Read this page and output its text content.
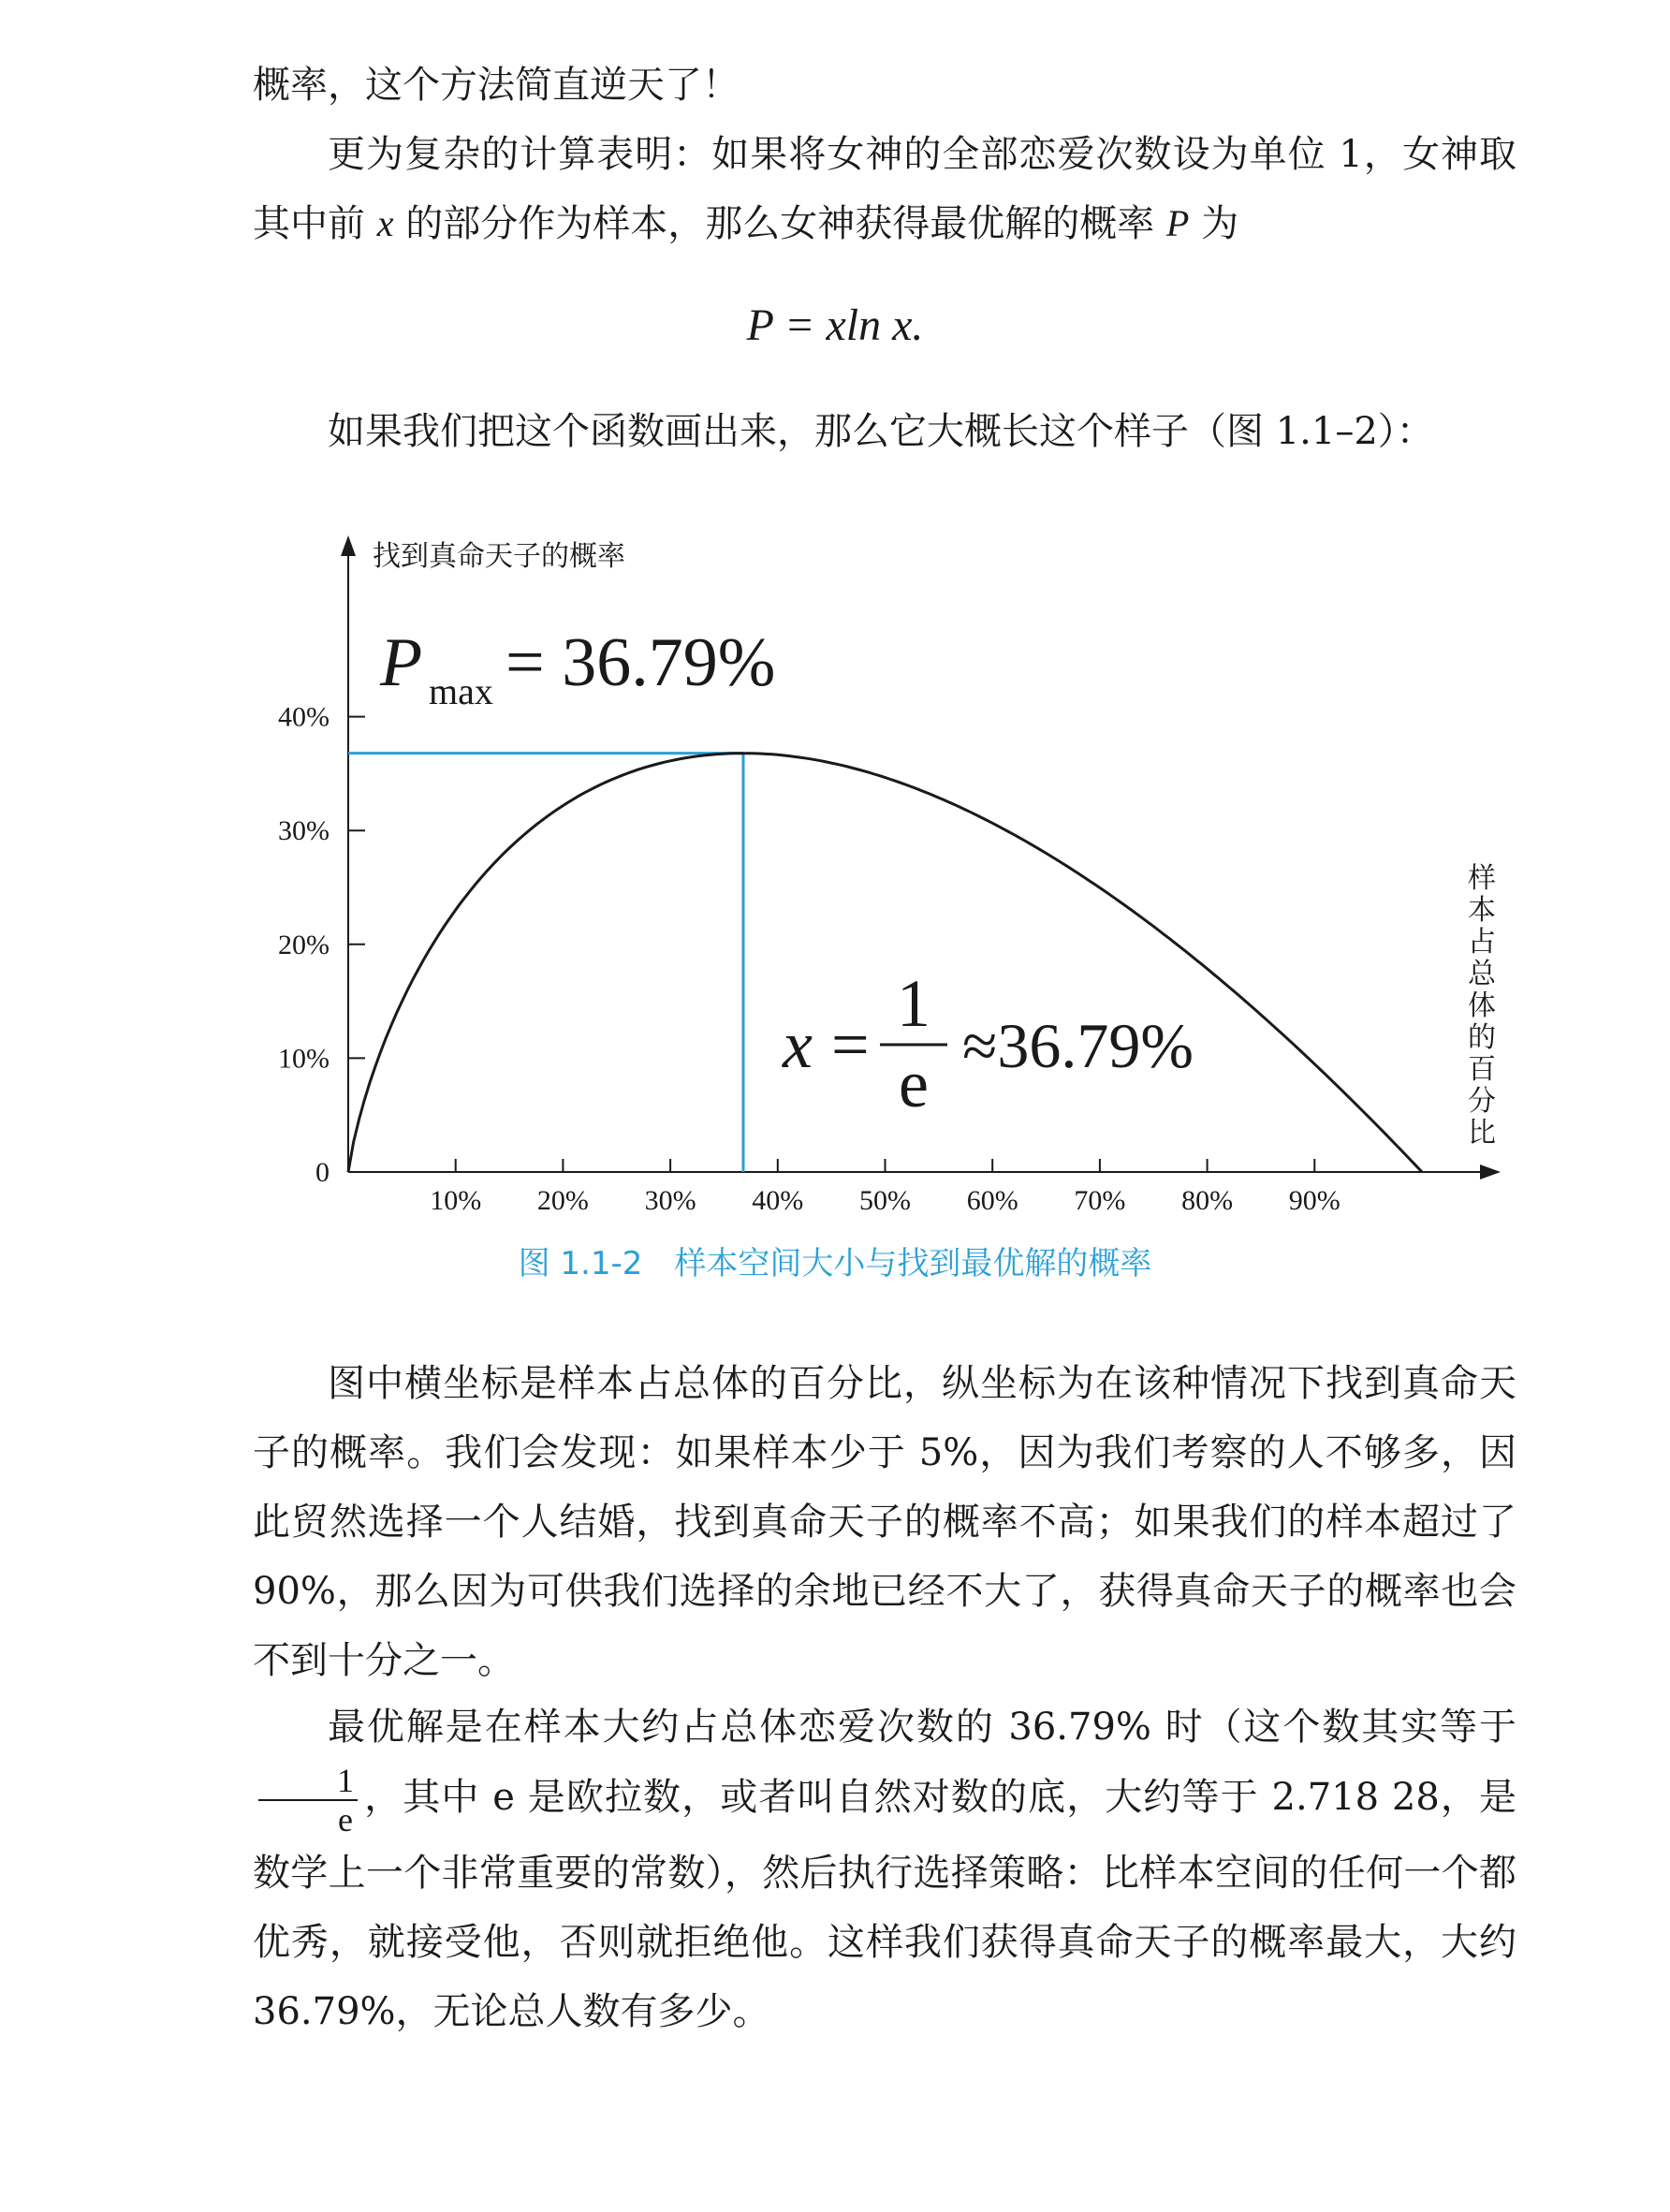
概率，这个方法简直逆天了！
更为复杂的计算表明：如果将女神的全部恋爱次数设为单位 1，女神取其中前 x 的部分作为样本，那么女神获得最优解的概率 P 为
P = xln x.
如果我们把这个函数画出来，那么它大概长这个样子（图 1.1–2）：
10% 20% 30% 40% 50% 60% 70% 80% 90%
0
10%
20%
30%
40%
找到真命天子的概率
样
本
占
总
体
的
百
分
比
P max = 36.79%
x =
1
e
≈36.79%
图 1.1-2　样本空间大小与找到最优解的概率
图中横坐标是样本占总体的百分比，纵坐标为在该种情况下找到真命天子的概率。我们会发现：如果样本少于 5%，因为我们考察的人不够多，因此贸然选择一个人结婚，找到真命天子的概率不高；如果我们的样本超过了 90%，那么因为可供我们选择的余地已经不大了，获得真命天子的概率也会不到十分之一。
最优解是在样本大约占总体恋爱次数的 36.79% 时（这个数其实等于
$\frac{1}{e}$ ，其中 e 是欧拉数，或者叫自然对数的底，大约等于 2.718 28，是数学上一个非常重要的常数），然后执行选择策略：比样本空间的任何一个都优秀，就接受他，否则就拒绝他。这样我们获得真命天子的概率最大，大约 36.79%，无论总人数有多少。
